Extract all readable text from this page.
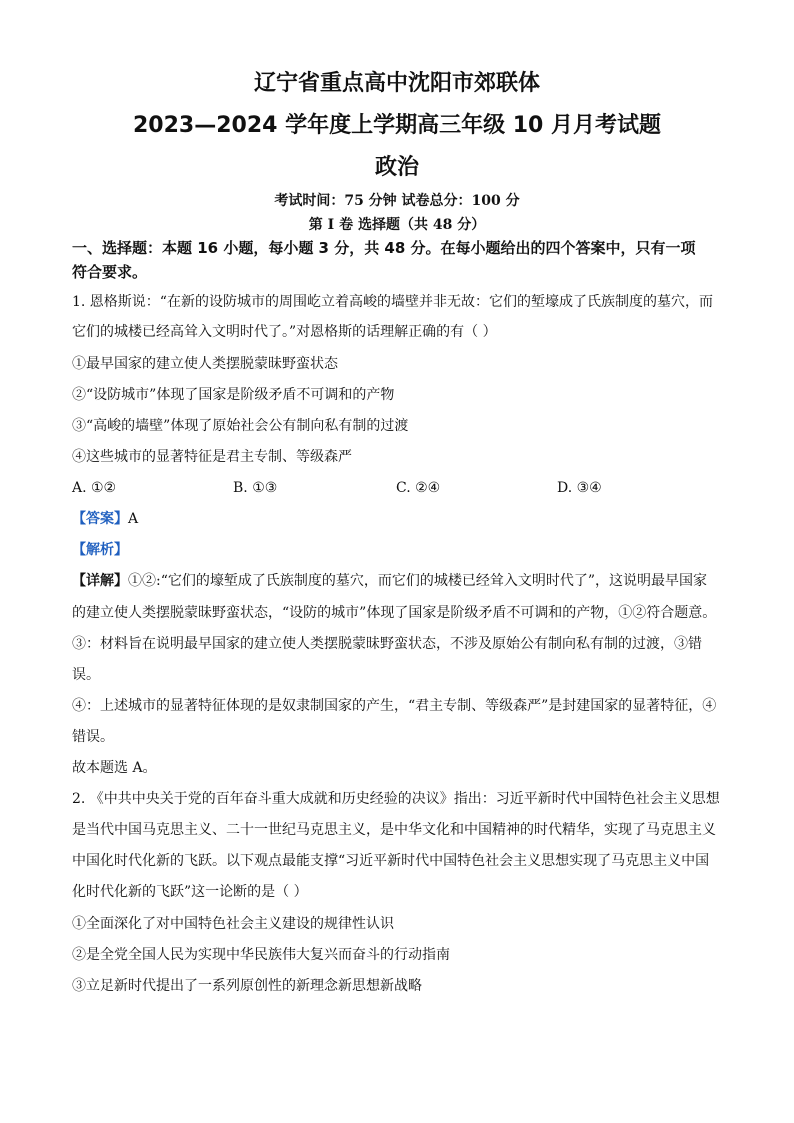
辽宁省重点高中沈阳市郊联体
2023—2024 学年度上学期高三年级 10 月月考试题
政治
考试时间：75 分钟 试卷总分：100 分
第 I 卷 选择题（共 48 分）
一、选择题：本题 16 小题，每小题 3 分，共 48 分。在每小题给出的四个答案中，只有一项
符合要求。
1. 恩格斯说：“在新的设防城市的周围屹立着高峻的墙壁并非无故：它们的堑壕成了氏族制度的墓穴，而
它们的城楼已经高耸入文明时代了。”对恩格斯的话理解正确的有（ ）
①最早国家的建立使人类摆脱蒙昧野蛮状态
②“设防城市”体现了国家是阶级矛盾不可调和的产物
③“高峻的墙壁”体现了原始社会公有制向私有制的过渡
④这些城市的显著特征是君主专制、等级森严
A. ①②	B. ①③	C. ②④	D. ③④
【答案】A
【解析】
【详解】①②:“它们的壕堑成了氏族制度的墓穴，而它们的城楼已经耸入文明时代了”，这说明最早国家
的建立使人类摆脱蒙昧野蛮状态，“设防的城市”体现了国家是阶级矛盾不可调和的产物，①②符合题意。
③：材料旨在说明最早国家的建立使人类摆脱蒙昧野蛮状态，不涉及原始公有制向私有制的过渡，③错
误。
④：上述城市的显著特征体现的是奴隶制国家的产生，“君主专制、等级森严”是封建国家的显著特征，④
错误。
故本题选 A。
2. 《中共中央关于党的百年奋斗重大成就和历史经验的决议》指出：习近平新时代中国特色社会主义思想
是当代中国马克思主义、二十一世纪马克思主义，是中华文化和中国精神的时代精华，实现了马克思主义
中国化时代化新的飞跃。以下观点最能支撑“习近平新时代中国特色社会主义思想实现了马克思主义中国
化时代化新的飞跃”这一论断的是（ ）
①全面深化了对中国特色社会主义建设的规律性认识
②是全党全国人民为实现中华民族伟大复兴而奋斗的行动指南
③立足新时代提出了一系列原创性的新理念新思想新战略
